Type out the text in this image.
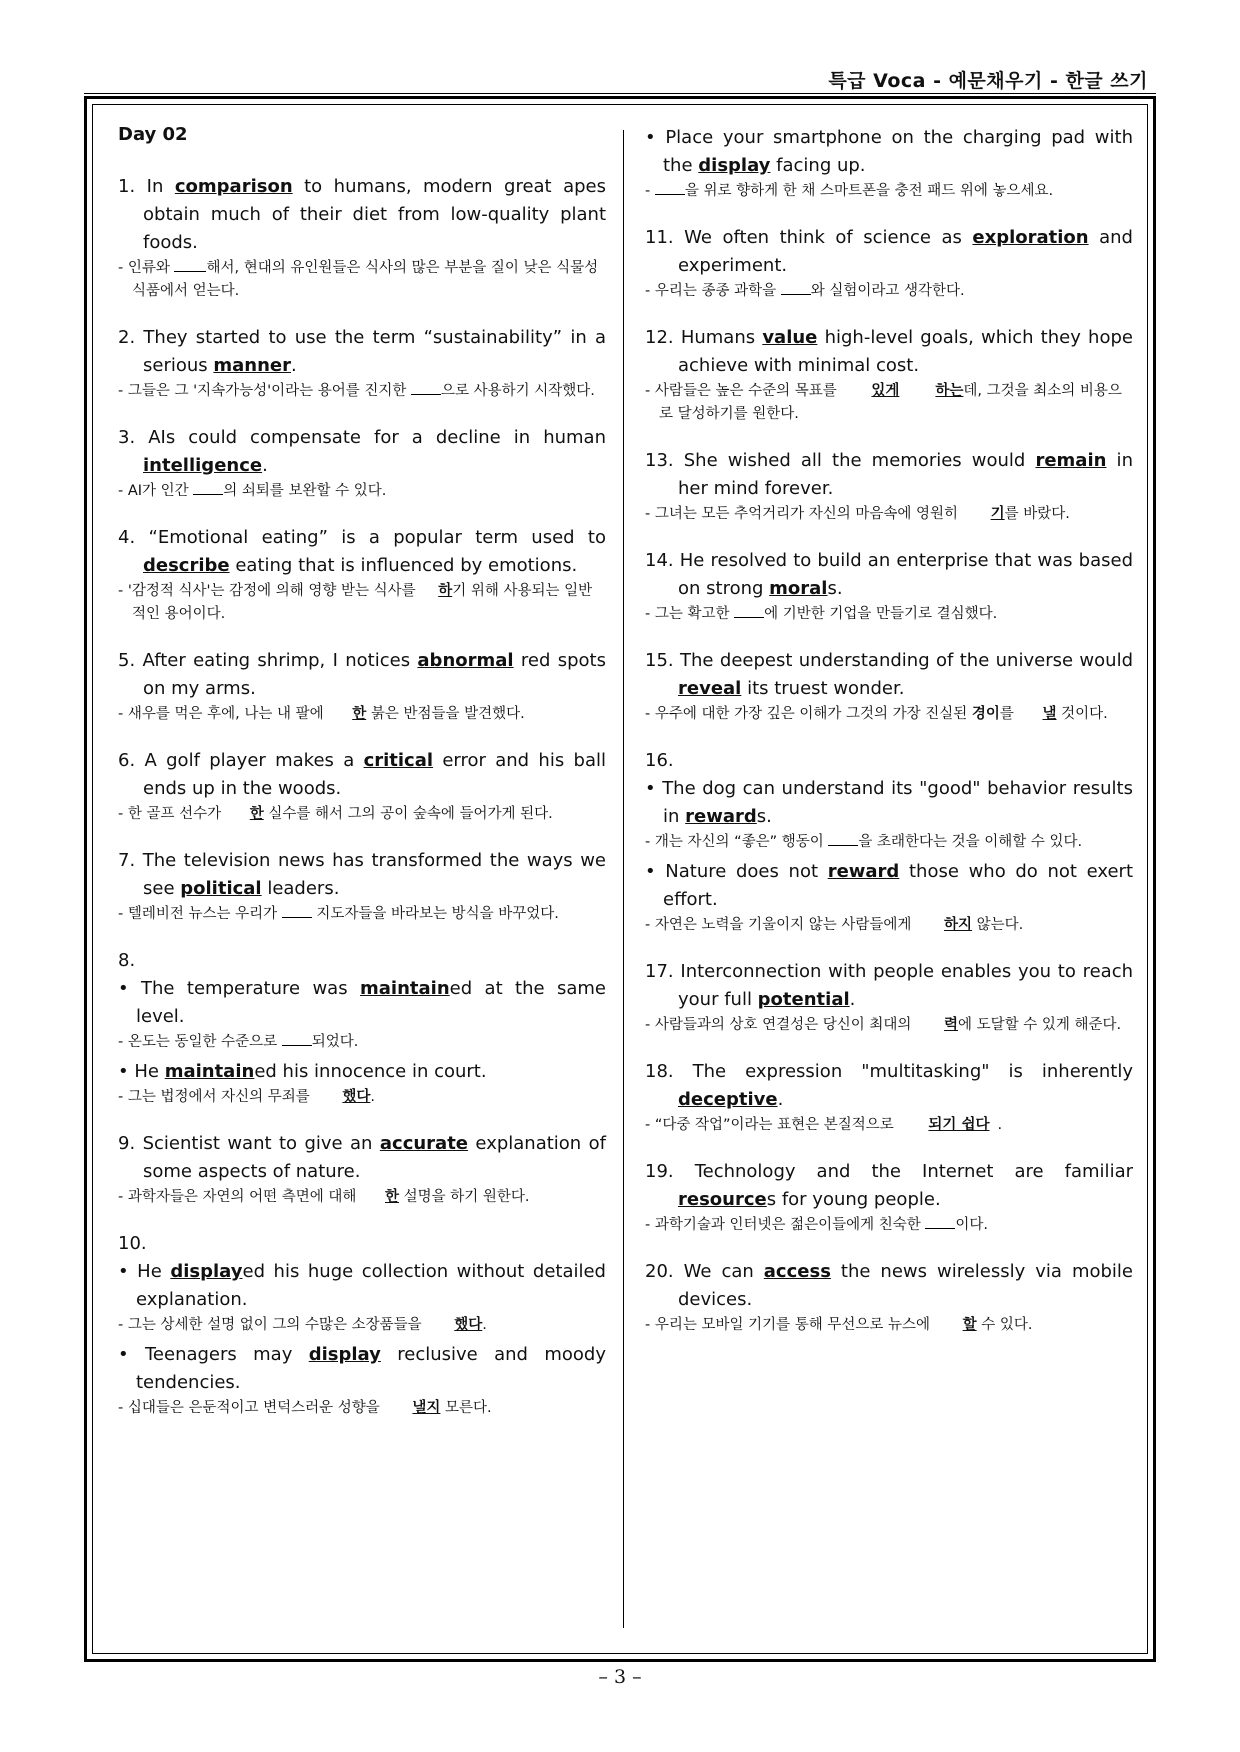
특급 Voca - 예문채우기 - 한글 쓰기
Day 02
1. In comparison to humans, modern great apes obtain much of their diet from low-quality plant foods.
- 인류와 해서, 현대의 유인원들은 식사의 많은 부분을 질이 낮은 식물성 식품에서 얻는다.
2. They started to use the term “sustainability” in a serious manner.
- 그들은 그 '지속가능성'이라는 용어를 진지한 으로 사용하기 시작했다.
3. AIs could compensate for a decline in human intelligence.
- AI가 인간 의 쇠퇴를 보완할 수 있다.
4. “Emotional eating” is a popular term used to describe eating that is influenced by emotions.
- '감정적 식사'는 감정에 의해 영향 받는 식사를 하기 위해 사용되는 일반적인 용어이다.
5. After eating shrimp, I notices abnormal red spots on my arms.
- 새우를 먹은 후에, 나는 내 팔에 한 붉은 반점들을 발견했다.
6. A golf player makes a critical error and his ball ends up in the woods.
- 한 골프 선수가 한 실수를 해서 그의 공이 숲속에 들어가게 된다.
7. The television news has transformed the ways we see political leaders.
- 텔레비전 뉴스는 우리가  지도자들을 바라보는 방식을 바꾸었다.
8.
• The temperature was maintained at the same level.
- 온도는 동일한 수준으로 되었다.
• He maintained his innocence in court.
- 그는 법정에서 자신의 무죄를 했다.
9. Scientist want to give an accurate explanation of some aspects of nature.
- 과학자들은 자연의 어떤 측면에 대해 한 설명을 하기 원한다.
10.
• He displayed his huge collection without detailed explanation.
- 그는 상세한 설명 없이 그의 수많은 소장품들을 했다.
• Teenagers may display reclusive and moody tendencies.
- 십대들은 은둔적이고 변덕스러운 성향을 낼지 모른다.
• Place your smartphone on the charging pad with the display facing up.
- 을 위로 향하게 한 채 스마트폰을 충전 패드 위에 놓으세요.
11. We often think of science as exploration and experiment.
- 우리는 종종 과학을 와 실험이라고 생각한다.
12. Humans value high-level goals, which they hope achieve with minimal cost.
- 사람들은 높은 수준의 목표를 있게 하는데, 그것을 최소의 비용으로 달성하기를 원한다.
13. She wished all the memories would remain in her mind forever.
- 그녀는 모든 추억거리가 자신의 마음속에 영원히 기를 바랐다.
14. He resolved to build an enterprise that was based on strong morals.
- 그는 확고한 에 기반한 기업을 만들기로 결심했다.
15. The deepest understanding of the universe would reveal its truest wonder.
- 우주에 대한 가장 깊은 이해가 그것의 가장 진실된 경이를 낼 것이다.
16.
• The dog can understand its "good" behavior results in rewards.
- 개는 자신의 “좋은” 행동이 을 초래한다는 것을 이해할 수 있다.
• Nature does not reward those who do not exert effort.
- 자연은 노력을 기울이지 않는 사람들에게 하지 않는다.
17. Interconnection with people enables you to reach your full potential.
- 사람들과의 상호 연결성은 당신이 최대의 력에 도달할 수 있게 해준다.
18. The expression "multitasking" is inherently deceptive.
- “다중 작업”이라는 표현은 본질적으로 되기 쉽다 .
19. Technology and the Internet are familiar resources for young people.
- 과학기술과 인터넷은 젊은이들에게 친숙한 이다.
20. We can access the news wirelessly via mobile devices.
- 우리는 모바일 기기를 통해 무선으로 뉴스에 할 수 있다.
– 3 –
